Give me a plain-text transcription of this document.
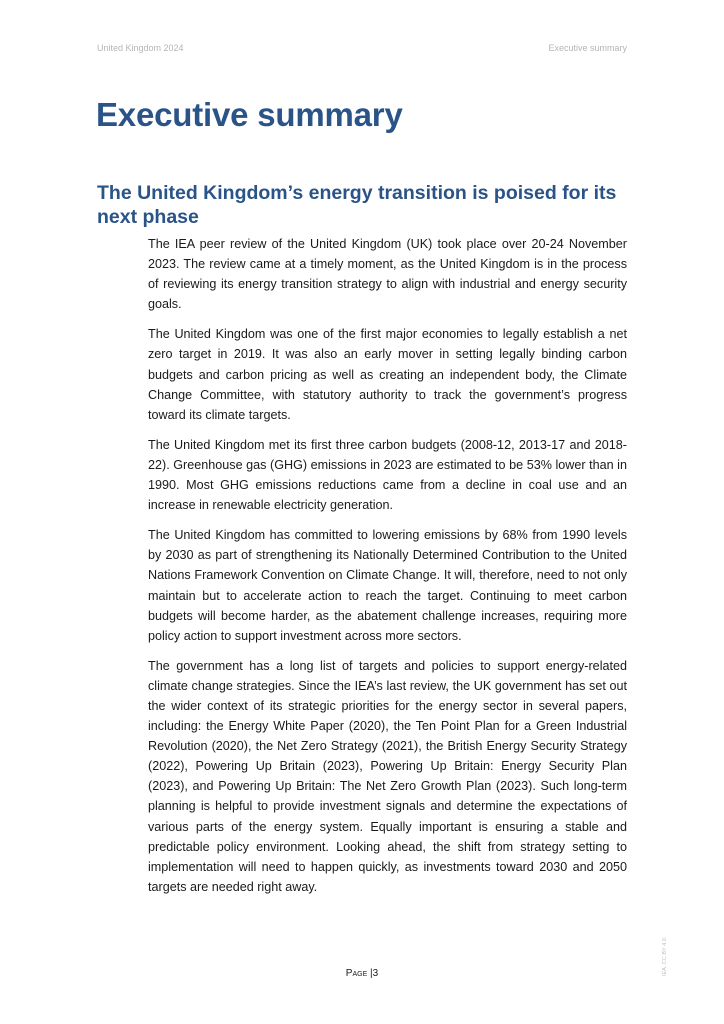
United Kingdom 2024	Executive summary
Executive summary
The United Kingdom’s energy transition is poised for its next phase

The IEA peer review of the United Kingdom (UK) took place over 20-24 November 2023. The review came at a timely moment, as the United Kingdom is in the process of reviewing its energy transition strategy to align with industrial and energy security goals.

The United Kingdom was one of the first major economies to legally establish a net zero target in 2019. It was also an early mover in setting legally binding carbon budgets and carbon pricing as well as creating an independent body, the Climate Change Committee, with statutory authority to track the government’s progress toward its climate targets.

The United Kingdom met its first three carbon budgets (2008-12, 2013-17 and 2018-22). Greenhouse gas (GHG) emissions in 2023 are estimated to be 53% lower than in 1990. Most GHG emissions reductions came from a decline in coal use and an increase in renewable electricity generation.

The United Kingdom has committed to lowering emissions by 68% from 1990 levels by 2030 as part of strengthening its Nationally Determined Contribution to the United Nations Framework Convention on Climate Change. It will, therefore, need to not only maintain but to accelerate action to reach the target. Continuing to meet carbon budgets will become harder, as the abatement challenge increases, requiring more policy action to support investment across more sectors.

The government has a long list of targets and policies to support energy-related climate change strategies. Since the IEA’s last review, the UK government has set out the wider context of its strategic priorities for the energy sector in several papers, including: the Energy White Paper (2020), the Ten Point Plan for a Green Industrial Revolution (2020), the Net Zero Strategy (2021), the British Energy Security Strategy (2022), Powering Up Britain (2023), Powering Up Britain: Energy Security Plan (2023), and Powering Up Britain: The Net Zero Growth Plan (2023). Such long-term planning is helpful to provide investment signals and determine the expectations of various parts of the energy system. Equally important is ensuring a stable and predictable policy environment. Looking ahead, the shift from strategy setting to implementation will need to happen quickly, as investments toward 2030 and 2050 targets are needed right away.

Page |3	IEA. CC BY 4.0.
